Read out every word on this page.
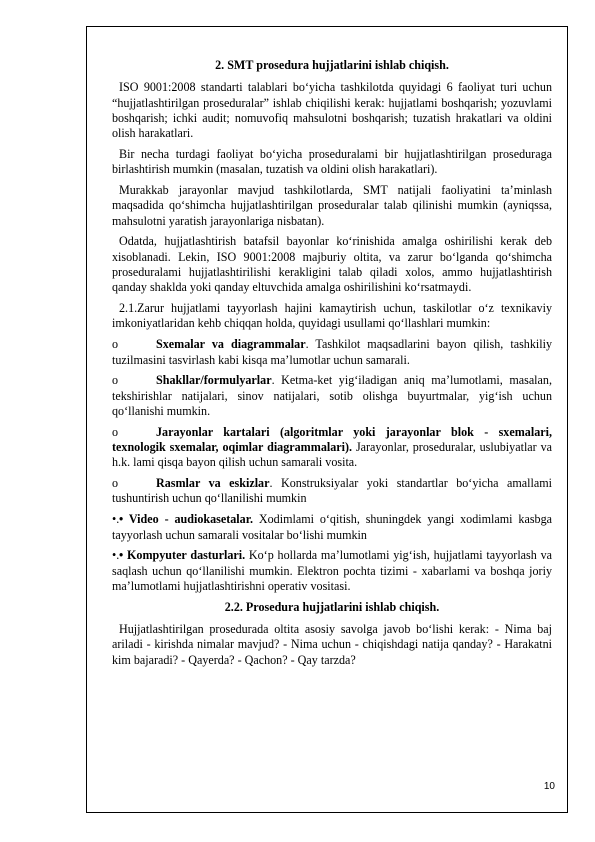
2. SMT prosedura hujjatlarini ishlab chiqish.

ISO 9001:2008 standarti talablari bo‘yicha tashkilotda quyidagi 6 faoliyat turi uchun “hujjatlashtirilgan proseduralar” ishlab chiqilishi kerak: hujjatlami boshqarish; yozuvlami boshqarish; ichki audit; nomuvofiq mahsulotni boshqarish; tuzatish hrakatlari va oldini olish harakatlari.

Bir necha turdagi faoliyat bo‘yicha proseduralami bir hujjatlashtirilgan proseduraga birlashtirish mumkin (masalan, tuzatish va oldini olish harakatlari).

Murakkab jarayonlar mavjud tashkilotlarda, SMT natijali faoliyatini ta’minlash maqsadida qo‘shimcha hujjatlashtirilgan proseduralar talab qilinishi mumkin (ayniqssa, mahsulotni yaratish jarayonlariga nisbatan).

Odatda, hujjatlashtirish batafsil bayonlar ko‘rinishida amalga oshirilishi kerak deb xisoblanadi. Lekin, ISO 9001:2008 majburiy oltita, va zarur bo‘lganda qo‘shimcha proseduralami hujjatlashtirilishi kerakligini talab qiladi xolos, ammo hujjatlashtirish qanday shaklda yoki qanday eltuvchida amalga oshirilishini ko‘rsatmaydi.

2.1.Zarur hujjatlami tayyorlash hajini kamaytirish uchun, taskilotlar o‘z texnikaviy imkoniyatlaridan kehb chiqqan holda, quyidagi usullami qo‘llashlari mumkin:

o	Sxemalar va diagrammalar. Tashkilot maqsadlarini bayon qilish, tashkiliy tuzilmasini tasvirlash kabi kisqa ma’lumotlar uchun samarali.

o	Shakllar/formulyarlar. Ketma-ket yig‘iladigan aniq ma’lumotlami, masalan, tekshirishlar natijalari, sinov natijalari, sotib olishga buyurtmalar, yig‘ish uchun qo‘llanishi mumkin.

o	Jarayonlar kartalari (algoritmlar yoki jarayonlar blok - sxemalari, texnologik sxemalar, oqimlar diagrammalari). Jarayonlar, proseduralar, uslubiyatlar va h.k. lami qisqa bayon qilish uchun samarali vosita.

o	Rasmlar va eskizlar. Konstruksiyalar yoki standartlar bo‘yicha amallami tushuntirish uchun qo‘llanilishi mumkin

•. • Video - audiokasetalar. Xodimlami o‘qitish, shuningdek yangi xodimlami kasbga tayyorlash uchun samarali vositalar bo‘lishi mumkin

•. • Kompyuter dasturlari. Ko‘p hollarda ma’lumotlami yig‘ish, hujjatlami tayyorlash va saqlash uchun qo‘llanilishi mumkin. Elektron pochta tizimi - xabarlami va boshqa joriy ma’lumotlami hujjatlashtirishni operativ vositasi.

2.2. Prosedura hujjatlarini ishlab chiqish.

Hujjatlashtirilgan prosedurada oltita asosiy savolga javob bo‘lishi kerak: - Nima baj ariladi - kirishda nimalar mavjud? - Nima uchun - chiqishdagi natija qanday? - Harakatni kim bajaradi? - Qayerda? - Qachon? - Qay tarzda?

10
